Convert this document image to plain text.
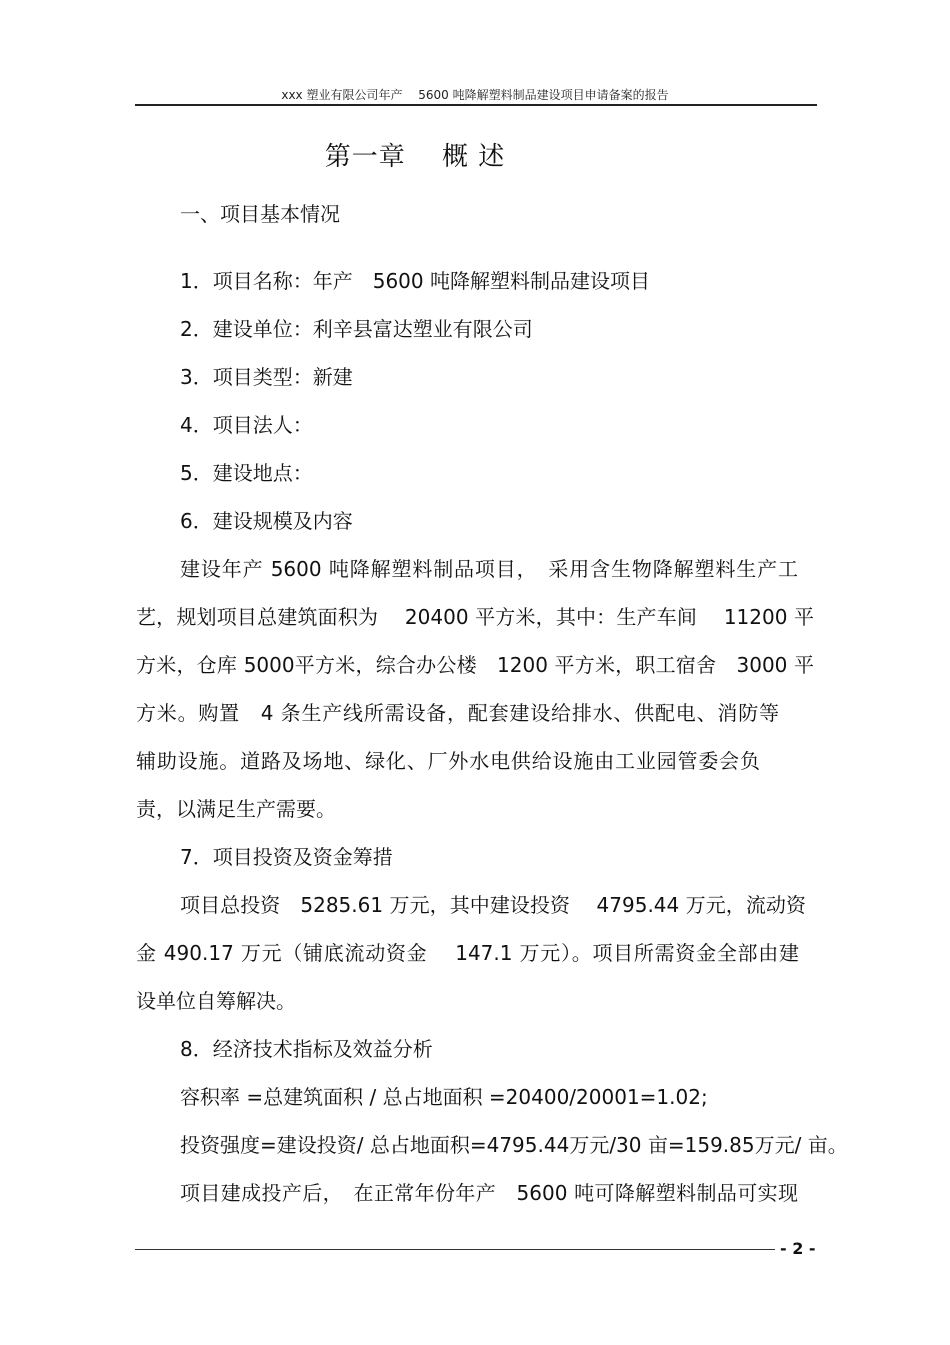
xxx 塑业有限公司年产　 5600 吨降解塑料制品建设项目申请备案的报告
第一章　 概 述
一、项目基本情况
1．项目名称：年产　5600 吨降解塑料制品建设项目
2．建设单位：利辛县富达塑业有限公司
3．项目类型：新建
4．项目法人：
5．建设地点：
6．建设规模及内容
建设年产 5600 吨降解塑料制品项目，　采用含生物降解塑料生产工
艺，规划项目总建筑面积为　 20400 平方米，其中：生产车间　 11200 平
方米，仓库 5000平方米，综合办公楼　1200 平方米，职工宿舍　3000 平
方米。购置　4 条生产线所需设备，配套建设给排水、供配电、消防等
辅助设施。道路及场地、绿化、厂外水电供给设施由工业园管委会负
责，以满足生产需要。
7．项目投资及资金筹措
项目总投资　5285.61 万元，其中建设投资　 4795.44 万元，流动资
金 490.17 万元（铺底流动资金　 147.1 万元）。项目所需资金全部由建
设单位自筹解决。
8．经济技术指标及效益分析
容积率 =总建筑面积 / 总占地面积 =20400/20001=1.02;
投资强度=建设投资/ 总占地面积=4795.44万元/30 亩=159.85万元/ 亩。
项目建成投产后，　在正常年份年产　5600 吨可降解塑料制品可实现
- 2 -
